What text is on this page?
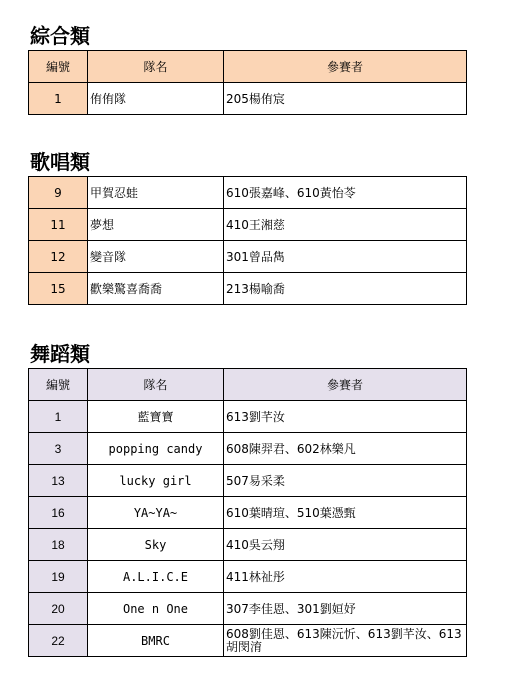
綜合類
編號	隊名	參賽者
1	侑侑隊	205楊侑宸
歌唱類
9	甲賀忍蛙	610張嘉峰、610黃怡苓
11	夢想	410王湘慈
12	變音隊	301曾品雋
15	歡樂驚喜喬喬	213楊喻喬
舞蹈類
編號	隊名	參賽者
1	藍寶寶	613劉芊汝
3	popping candy	608陳羿君、602林樂凡
13	lucky girl	507易采柔
16	YA~YA~	610葉晴瑄、510葉憑甄
18	Sky	410吳云翔
19	A.L.I.C.E	411林祉彤
20	One n One	307李佳恩、301劉姮妤
22	BMRC	608劉佳恩、613陳沅忻、613劉芊汝、613胡閔淯
